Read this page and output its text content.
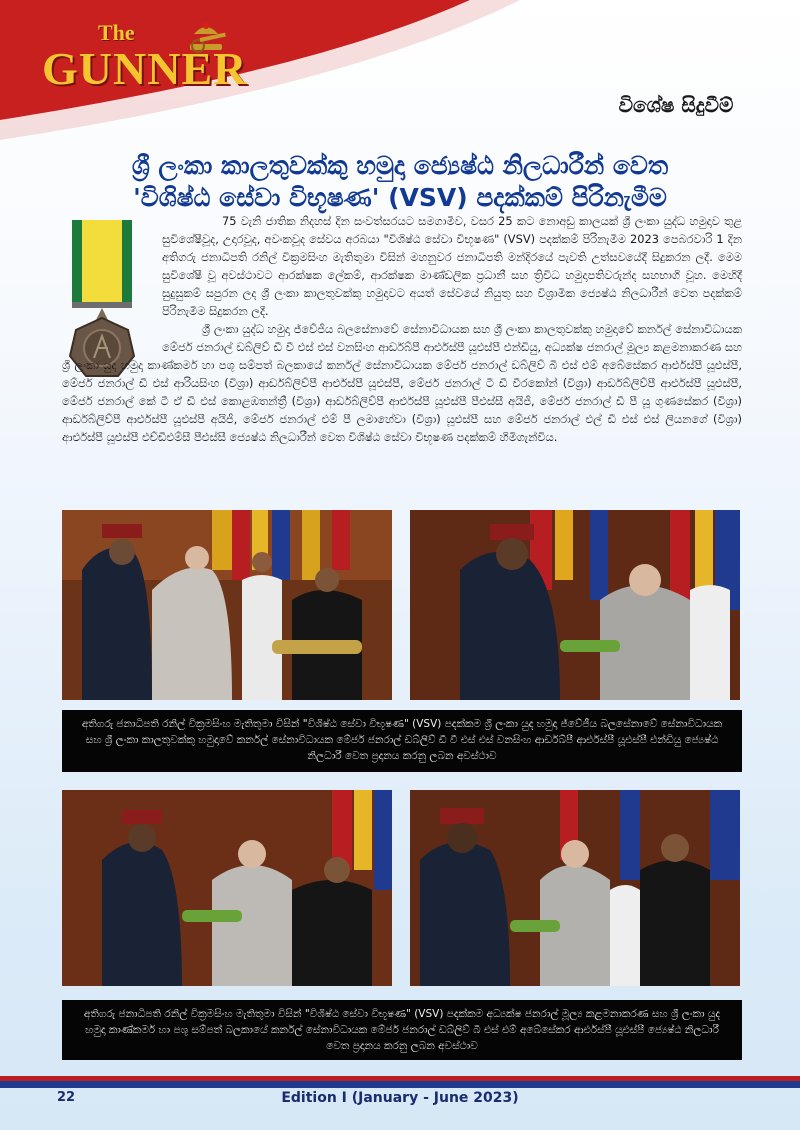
The
GUNNER
විශේෂ සිදුවීම්
ශ්‍රී ලංකා කාලතුවක්කු හමුදා ජ්‍යෙෂ්ඨ නිලධාරීන් වෙත
'විශිෂ්ඨ සේවා විභූෂණ' (VSV) පදක්කම් පිරිනැමීම

75 වැනි ජාතික නිදහස් දින සංවත්සරයට සමගාමීව, වසර 25 කට නොඅඩු කාලයක් ශ්‍රී ලංකා යුද්ධ හමුදාව තුළ සුවිශේෂීවූද, උදාරවූද, අවංකවූද සේවය අරබයා "විශිෂ්ඨ සේවා විභූෂණ" (VSV) පදක්කම් පිරිනැමීම 2023 පෙබරවාරි 1 දින අතිගරු ජනාධිපති රනිල් වික්‍රමසිංහ මැතිතුමා විසින් මහනුවර ජනාධිපති මන්දිරයේ පැවති උත්සවයේදී සිදුකරන ලදී. මෙම සුවිශේෂී වූ අවස්ථාවට ආරක්ෂක ලේකම්, ආරක්ෂක මාණ්ඩලික ප්‍රධානී සහ ත්‍රිවිධ හමුදාපතිවරුන්ද සහභාගි වූහ. මෙහිදී සුදුසුකම් සපුරන ලද ශ්‍රී ලංකා කාලතුවක්කු හමුදාවට අයත් සේවයේ නියුතු සහ විශ්‍රාමික ජ්‍යෙෂ්ඨ නිලධාරීන් වෙත පදක්කම් පිරිනැමීම සිදුකරන ලදී.

ශ්‍රී ලංකා යුද්ධ හමුදා ජ්වේජීය බලසේනාවේ සේනාවිධායක සහ ශ්‍රී ලංකා කාලතුවක්කු හමුදාවේ කර්නල් සේනාවිධායක මේජර් ජනරාල් ඩබ්ලිව් ඩී වී එස් එස් වනසිංහ ආර්ඩබ්පී ආර්එස්පී යූඑස්පී එන්ඩියු, අධ්‍යක්ෂ ජනරාල් මූල්‍ය කළමනාකරණ සහ ශ්‍රී ලංකා යුද හමුදා කාණ්කර්ම හා පශු සම්පත් බලකායේ කර්නල් සේනාවිධායක මේජර් ජනරාල් ඩබ්ලිව් බී එස් එම් අබේසේකර ආර්එස්පී යූඑස්පී, මේජර් ජනරාල් ඩී එස් ආරියසිංහ (විශ්‍රා) ආර්ඩබ්ලිව්පී ආර්එස්පී යූඑස්පී, මේජර් ජනරාල් ටී ඩී වීරකෝන් (විශ්‍රා) ආර්ඩබ්ලිව්පී ආර්එස්පී යූඑස්පී, මේජර් ජනරාල් කේ ටී ඒ ඩී එස් කොළඹතන්ත්‍රී (විශ්‍රා) ආර්ඩබ්ලිව්පී ආර්එස්පී යූඑස්පී පීඑස්සී අයිජී, මේජර් ජනරාල් ඩී පී යූ ගුණසේකර (විශ්‍රා) ආර්ඩබ්ලිව්පී ආර්එස්පී යූඑස්පී අයිජී, මේජර් ජනරාල් එම් පී ලමාහේවා (විශ්‍රා) යූඑස්පී සහ මේජර් ජනරාල් එල් ඩී එස් එස් ලියනගේ (විශ්‍රා) ආර්එස්පී යූඑස්පී එච්ඩීඑම්සී පීඑස්සී ජ්‍යෙෂ්ඨ නිලධාරීන් වෙත විශිෂ්ඨ සේවා විභූෂණ පදක්කම් හිමිගැන්විය.

අතිගරු ජනාධිපති රනිල් වික්‍රමසිංහ මැතිතුමා විසින් "විශිෂ්ඨ සේවා විභූෂණ" (VSV) පදක්කම ශ්‍රී ලංකා යුද හමුදා ජ්වේජීය බලසේනාවේ සේනාවිධායක සහ ශ්‍රී ලංකා කාලතුවක්කු හමුදාවේ කර්නල් සේනාවිධායක මේජර් ජනරාල් ඩබ්ලිව් ඩී වී එස් එස් වනසිංහ ආර්ඩබ්පී ආර්එස්පී යූඑස්පී එන්ඩියු ජ්‍යෙෂ්ඨ නිලධාරී වෙත ප්‍රදානය කරනු ලබන අවස්ථාව
අතිගරු ජනාධිපති රනිල් වික්‍රමසිංහ මැතිතුමා විසින් "විශිෂ්ඨ සේවා විභූෂණ" (VSV) පදක්කම අධ්‍යක්ෂ ජනරාල් මූල්‍ය කළමනාකරණ සහ ශ්‍රී ලංකා යුද හමුදා කාණ්කර්ම හා පශු සම්පත් බලකායේ කර්නල් සේනාවිධායක මේජර් ජනරාල් ඩබ්ලිව් බී එස් එම් අබේසේකර ආර්එස්පී යූඑස්පී ජ්‍යෙෂ්ඨ නිලධාරී වෙත ප්‍රදානය කරනු ලබන අවස්ථාව
22	Edition I (January - June 2023)
